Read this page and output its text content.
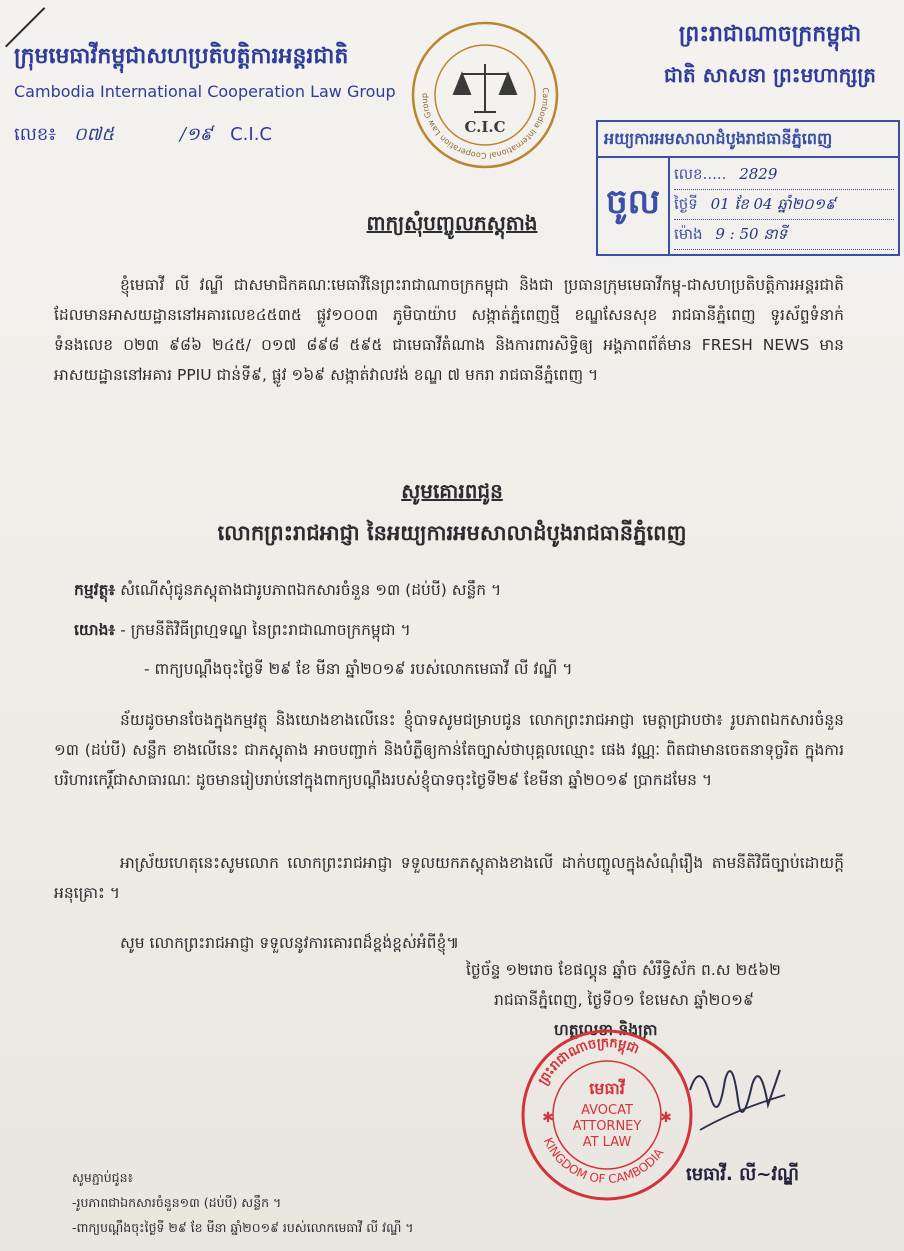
ក្រុមមេធាវីកម្ពុជាសហប្រតិបត្តិការអន្តរជាតិ
Cambodia International Cooperation Law Group
លេខ៖ ០៧៥	/១៩ C.I.C
Cambodia International Cooperation Law Group
C.I.C
ព្រះរាជាណាចក្រកម្ពុជា
ជាតិ សាសនា ព្រះមហាក្សត្រ
អយ្យការអមសាលាដំបូងរាជធានីភ្នំពេញ
ចូល
លេខ..... 2829
ថ្ងៃទី 01 ខែ 04 ឆ្នាំ២០១៩
ម៉ោង 9 : 50 នាទី
ពាក្យសុំបញ្ចូលភស្តុតាង
ខ្ញុំមេធាវី លី វណ្ឌី ជាសមាជិកគណៈមេធាវីនៃព្រះរាជាណាចក្រកម្ពុជា និងជា ប្រធានក្រុមមេធាវីកម្ពុ-ជាសហប្រតិបត្តិការអន្តរជាតិ ដែលមានអាសយដ្ឋាននៅអគារលេខ៤៥៣៥ ផ្លូវ១០០៣ ភូមិបាយ៉ាប សង្កាត់ភ្នំពេញថ្មី ខណ្ឌសែនសុខ រាជធានីភ្នំពេញ ទូរស័ព្ទទំនាក់ទំនងលេខ ០២៣ ៩៨៦ ២៤៥/ ០១៧ ៨៩៨ ៥៩៥ ជាមេធាវីតំណាង និងការពារសិទ្ធិឲ្យ អង្គភាពព័ត៌មាន FRESH NEWS មានអាសយដ្ឋាននៅអគារ PPIU ជាន់ទី៩, ផ្លូវ ១៦៩ សង្កាត់វាលវង់ ខណ្ឌ ៧ មករា រាជធានីភ្នំពេញ ។
សូមគោរពជូន
លោកព្រះរាជអាជ្ញា នៃអយ្យការអមសាលាដំបូងរាជធានីភ្នំពេញ
កម្មវត្ថុ៖ សំណើសុំជូនភស្តុតាងជារូបភាពឯកសារចំនួន ១៣ (ដប់បី) សន្លឹក ។
យោង៖ - ក្រមនីតិវិធីព្រហ្មទណ្ឌ នៃព្រះរាជាណាចក្រកម្ពុជា ។
- ពាក្យបណ្ដឹងចុះថ្ងៃទី ២៩ ខែ មីនា ឆ្នាំ២០១៩ របស់លោកមេធាវី លី វណ្ឌី ។
ន័យដូចមានចែងក្នុងកម្មវត្ថុ និងយោងខាងលើនេះ ខ្ញុំបាទសូមជម្រាបជូន លោកព្រះរាជអាជ្ញា មេត្តាជ្រាបថា៖ រូបភាពឯកសារចំនួន ១៣ (ដប់បី) សន្លឹក ខាងលើនេះ ជាភស្តុតាង អាចបញ្ជាក់ និងបំភ្លឺឲ្យកាន់តែច្បាស់ថាបុគ្គលឈ្មោះ ផេង វណ្ណៈ ពិតជាមានចេតនាទុច្ចរិត ក្នុងការ បរិហារកេរ្តិ៍ជាសាធារណៈ ដូចមានរៀបរាប់នៅក្នុងពាក្យបណ្ដឹងរបស់ខ្ញុំបាទចុះថ្ងៃទី២៩ ខែមីនា ឆ្នាំ២០១៩ ប្រាកដមែន ។
អាស្រ័យហេតុនេះសូមលោក លោកព្រះរាជអាជ្ញា ទទួលយកភស្តុតាងខាងលើ ដាក់បញ្ចូលក្នុងសំណុំរឿង តាមនីតិវិធីច្បាប់ដោយក្ដីអនុគ្រោះ ។
សូម លោកព្រះរាជអាជ្ញា ទទួលនូវការគោរពដ៏ខ្ពង់ខ្ពស់អំពីខ្ញុំ៕
ថ្ងៃច័ន្ទ ១២រោច ខែផល្គុន ឆ្នាំច សំរឹទ្ធិស័ក ព.ស ២៥៦២
រាជធានីភ្នំពេញ, ថ្ងៃទី០១ ខែមេសា ឆ្នាំ២០១៩
ហត្ថលេខា និងត្រា
ព្រះរាជាណាចក្រកម្ពុជា
KINGDOM OF CAMBODIA
មេធាវី
AVOCAT
ATTORNEY
AT LAW
✱	✱
មេធាវី. លី~វណ្ឌី
សូមភ្ជាប់ជូន៖
-រូបភាពជាឯកសារចំនួន១៣ (ដប់បី) សន្លឹក ។
-ពាក្យបណ្ដឹងចុះថ្ងៃទី ២៩ ខែ មីនា ឆ្នាំ២០១៩ របស់លោកមេធាវី លី វណ្ឌី ។
